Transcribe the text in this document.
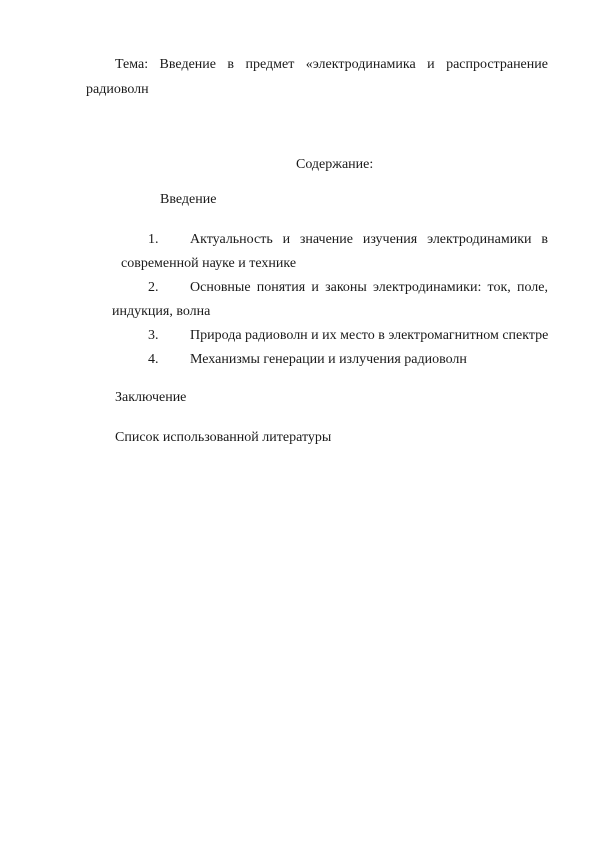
Тема: Введение в предмет «электродинамика и распространение
радиоволн
Содержание:
Введение
1. Актуальность и значение изучения электродинамики в
современной науке и технике
2. Основные понятия и законы электродинамики: ток, поле,
индукция, волна
3. Природа радиоволн и их место в электромагнитном спектре
4. Механизмы генерации и излучения радиоволн
Заключение
Список использованной литературы
